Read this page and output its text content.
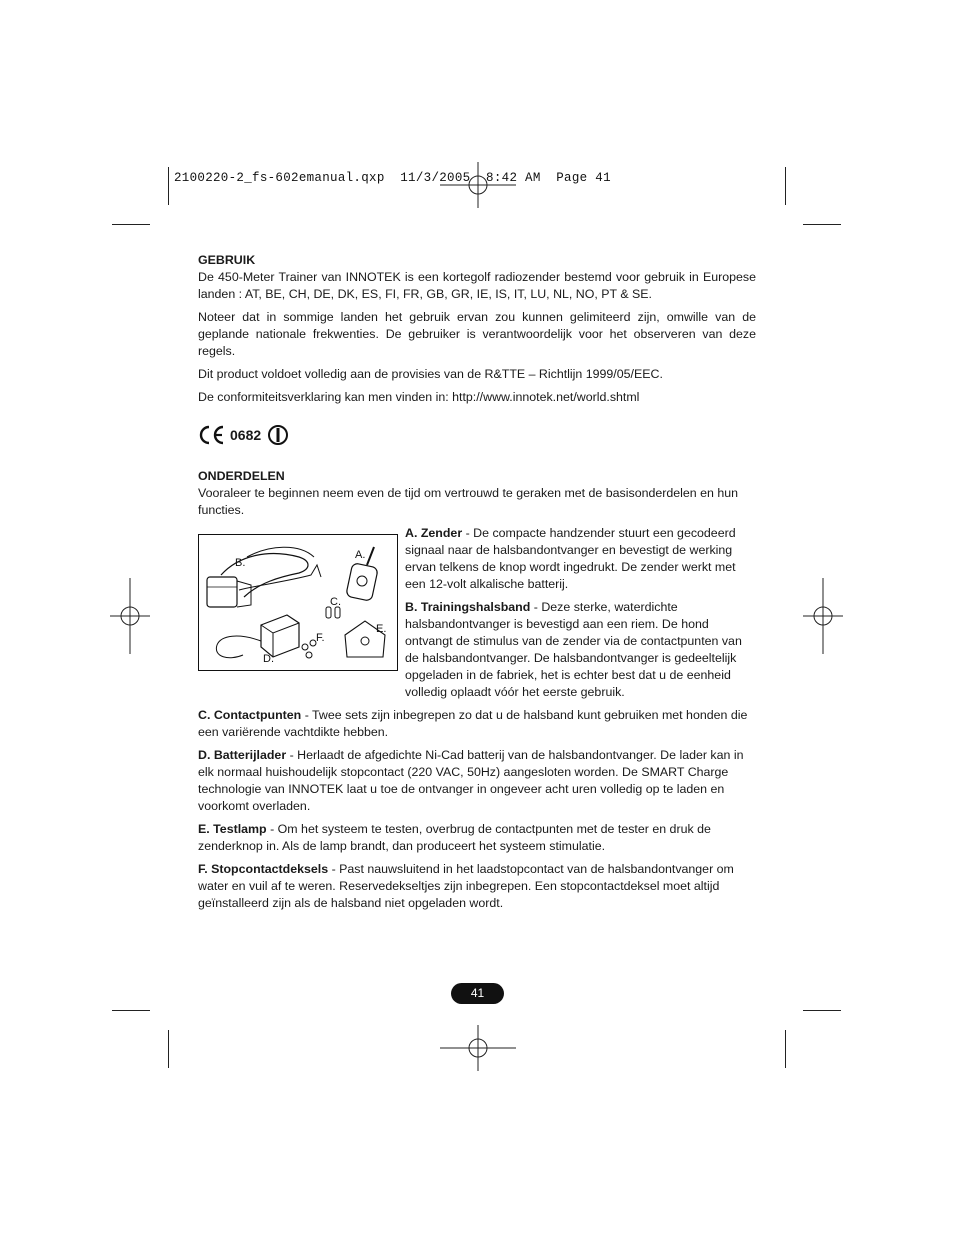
2100220-2_fs-602emanual.qxp  11/3/2005  8:42 AM  Page 41
GEBRUIK

De 450-Meter Trainer van INNOTEK is een kortegolf radiozender bestemd voor gebruik in Europese landen : AT, BE, CH, DE, DK, ES, FI, FR, GB, GR, IE, IS, IT, LU, NL, NO, PT & SE.

Noteer dat in sommige landen het gebruik ervan zou kunnen gelimiteerd zijn, omwille van de geplande nationale frekwenties. De gebruiker is verantwoordelijk voor het observeren van deze regels.

Dit product voldoet volledig aan de provisies van de R&TTE – Richtlijn 1999/05/EEC.

De conformiteitsverklaring kan men vinden in: http://www.innotek.net/world.shtml

0682
ONDERDELEN

Vooraleer te beginnen neem even de tijd om vertrouwd te geraken met de basisonderdelen en hun functies.

A.
B.
C.
D.
E.
F.

A. Zender - De compacte handzender stuurt een gecodeerd signaal naar de halsbandontvanger en bevestigt de werking ervan telkens de knop wordt ingedrukt. De zender werkt met een 12-volt alkalische batterij.

B. Trainingshalsband - Deze sterke, waterdichte halsbandontvanger is bevestigd aan een riem. De hond ontvangt de stimulus van de zender via de contactpunten van de halsbandontvanger. De halsbandontvanger is gedeeltelijk opgeladen in de fabriek, het is echter best dat u de eenheid volledig oplaadt vóór het eerste gebruik.

C. Contactpunten - Twee sets zijn inbegrepen zo dat u de halsband kunt gebruiken met honden die een variërende vachtdikte hebben.

D. Batterijlader - Herlaadt de afgedichte Ni-Cad batterij van de halsbandontvanger. De lader kan in elk normaal huishoudelijk stopcontact (220 VAC, 50Hz) aangesloten worden. De SMART Charge technologie van INNOTEK laat u toe de ontvanger in ongeveer acht uren volledig op te laden en voorkomt overladen.

E. Testlamp - Om het systeem te testen, overbrug de contactpunten met de tester en druk de zenderknop in. Als de lamp brandt, dan produceert het systeem stimulatie.

F. Stopcontactdeksels - Past nauwsluitend in het laadstopcontact van de halsbandontvanger om water en vuil af te weren. Reservedekseltjes zijn inbegrepen. Een stopcontactdeksel moet altijd geïnstalleerd zijn als de halsband niet opgeladen wordt.

41
